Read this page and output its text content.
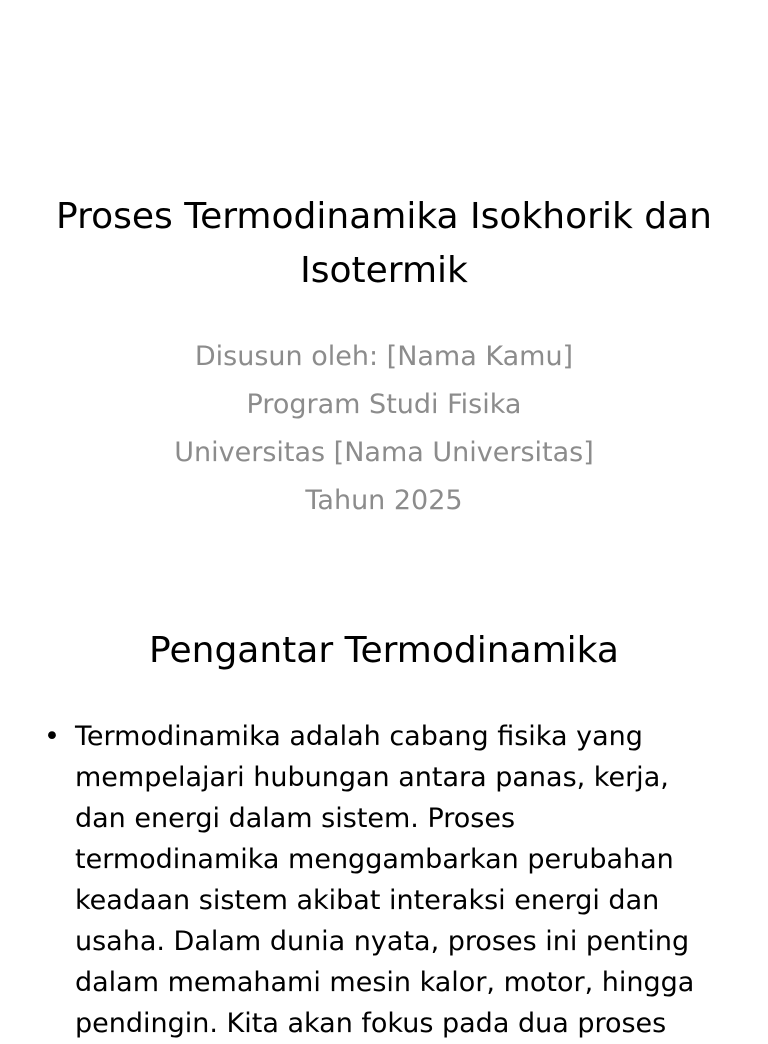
Proses Termodinamika Isokhorik dan Isotermik
Disusun oleh: [Nama Kamu]
Program Studi Fisika
Universitas [Nama Universitas]
Tahun 2025
Pengantar Termodinamika
• Termodinamika adalah cabang fisika yang mempelajari hubungan antara panas, kerja, dan energi dalam sistem. Proses termodinamika menggambarkan perubahan keadaan sistem akibat interaksi energi dan usaha. Dalam dunia nyata, proses ini penting dalam memahami mesin kalor, motor, hingga pendingin. Kita akan fokus pada dua proses
